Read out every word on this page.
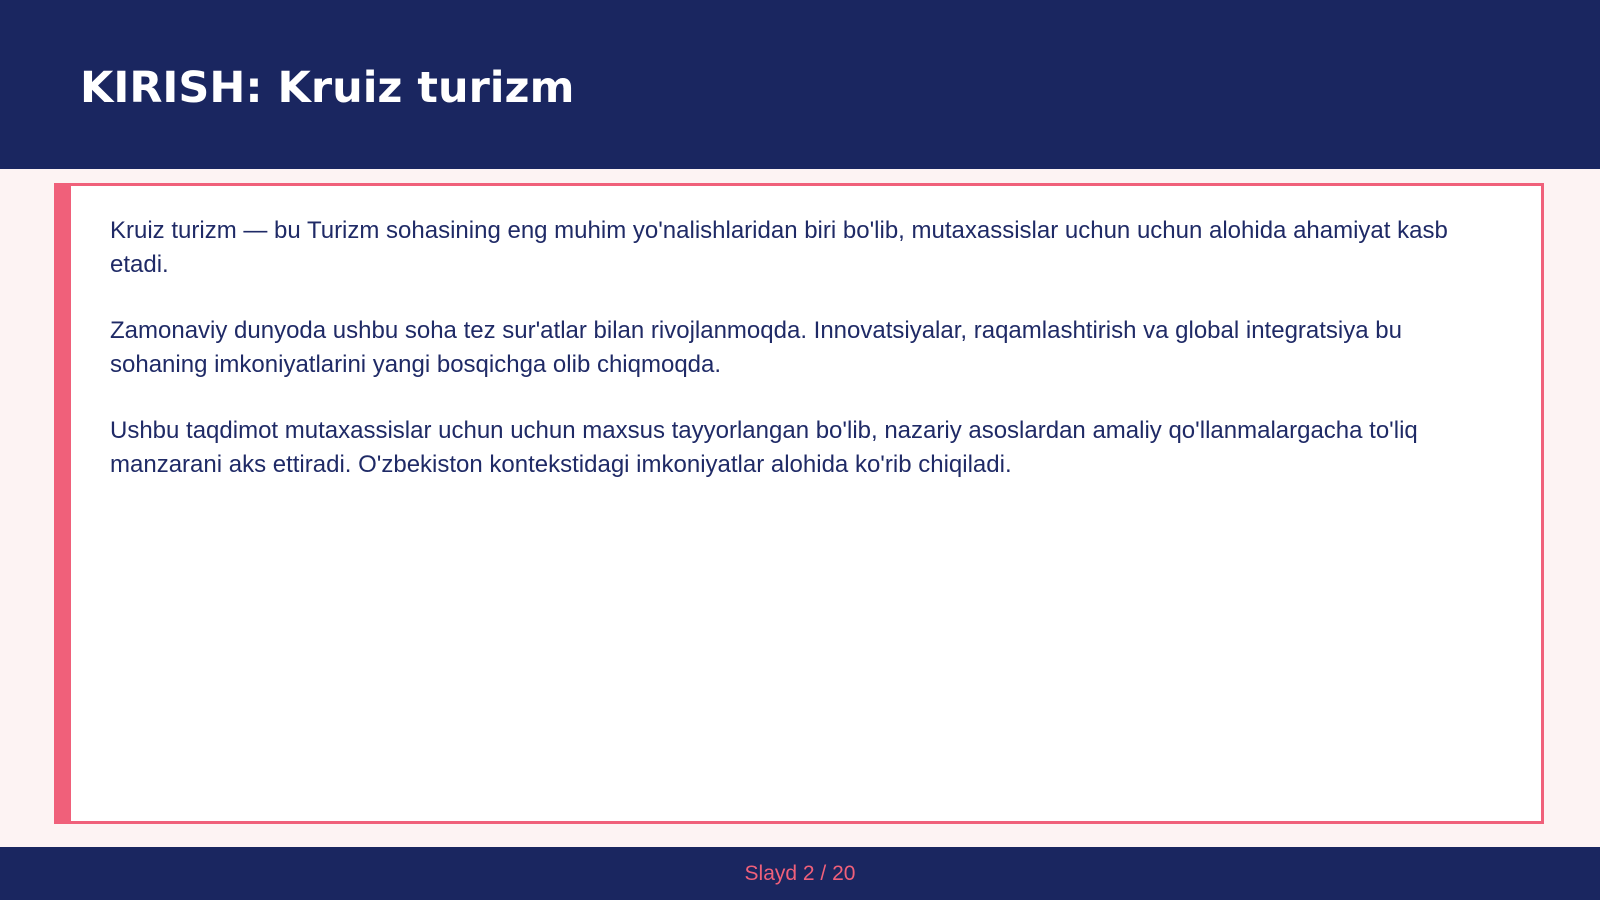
KIRISH: Kruiz turizm

Kruiz turizm — bu Turizm sohasining eng muhim yo'nalishlaridan biri bo'lib, mutaxassislar uchun uchun alohida ahamiyat kasb etadi.

Zamonaviy dunyoda ushbu soha tez sur'atlar bilan rivojlanmoqda. Innovatsiyalar, raqamlashtirish va global integratsiya bu sohaning imkoniyatlarini yangi bosqichga olib chiqmoqda.

Ushbu taqdimot mutaxassislar uchun uchun maxsus tayyorlangan bo'lib, nazariy asoslardan amaliy qo'llanmalargacha to'liq manzarani aks ettiradi. O'zbekiston kontekstidagi imkoniyatlar alohida ko'rib chiqiladi.

Slayd 2 / 20
